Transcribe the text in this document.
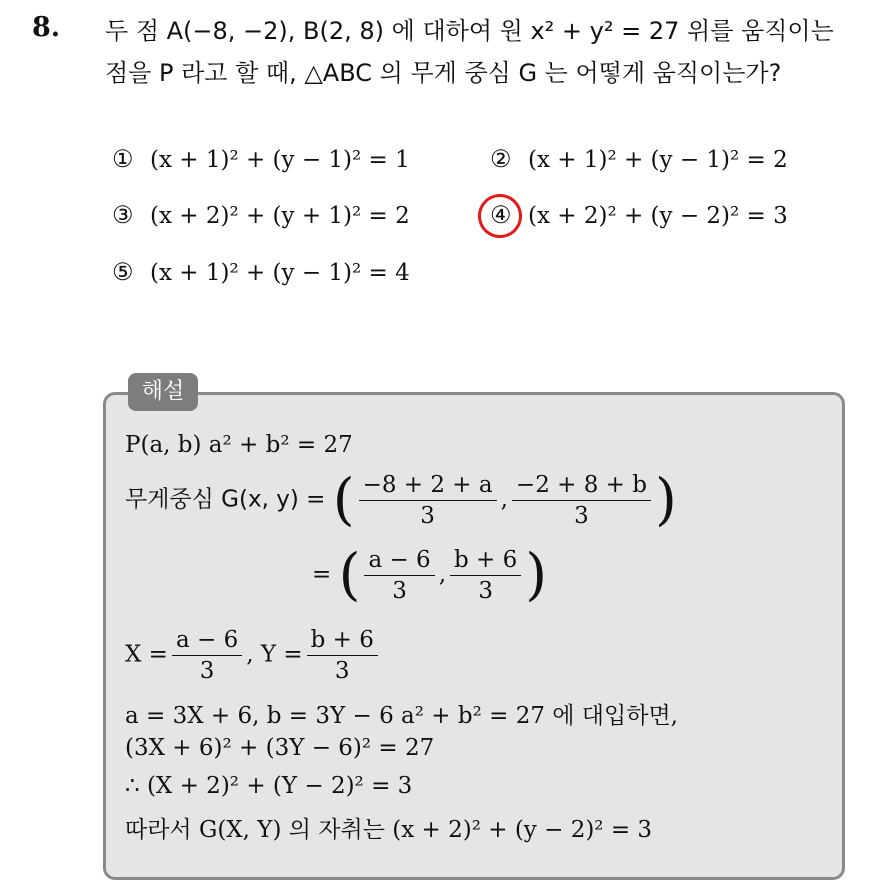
8. 두 점 A(−8, −2), B(2, 8) 에 대하여 원 x² + y² = 27 위를 움직이는
점을 P 라고 할 때, △ABC 의 무게 중심 G 는 어떻게 움직이는가?
① (x + 1)² + (y − 1)² = 1	② (x + 1)² + (y − 1)² = 2
③ (x + 2)² + (y + 1)² = 2	④ (x + 2)² + (y − 2)² = 3
⑤ (x + 1)² + (y − 1)² = 4
해설
P(a, b) a² + b² = 27
무게중심 G(x, y) = ( $\frac{-8 + 2 + a}{3}$ , $\frac{-2 + 8 + b}{3}$ )
= ( $\frac{a - 6}{3}$ , $\frac{b + 6}{3}$ )
$X = \frac{a - 6}{3}$ , $Y = \frac{b + 6}{3}$
a = 3X + 6, b = 3Y − 6 a² + b² = 27 에 대입하면,
(3X + 6)² + (3Y − 6)² = 27
∴ (X + 2)² + (Y − 2)² = 3
따라서 G(X, Y) 의 자취는 (x + 2)² + (y − 2)² = 3
